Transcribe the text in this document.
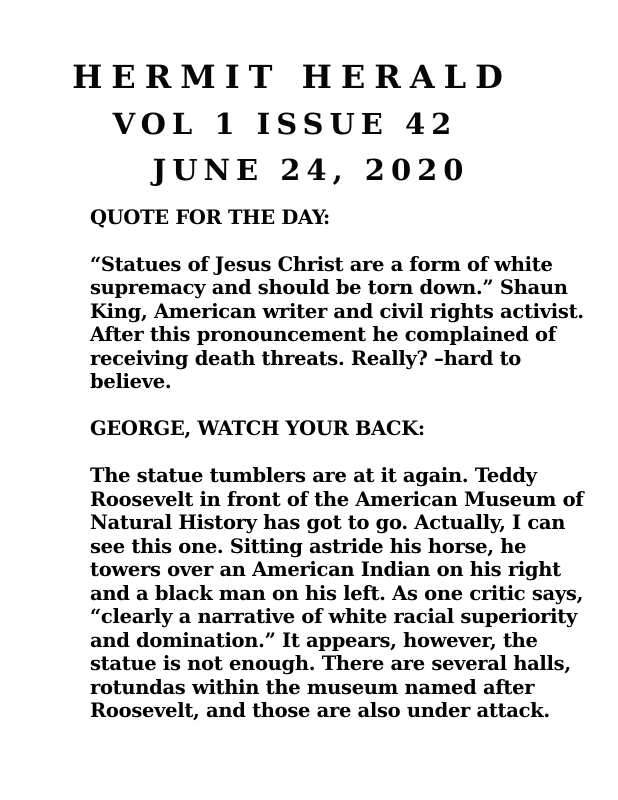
HERMIT HERALD
VOL 1 ISSUE 42
JUNE 24, 2020
QUOTE FOR THE DAY:
“Statues of Jesus Christ are a form of white
supremacy and should be torn down.” Shaun
King, American writer and civil rights activist.
After this pronouncement he complained of
receiving death threats. Really? –hard to
believe.
GEORGE, WATCH YOUR BACK:
The statue tumblers are at it again. Teddy
Roosevelt in front of the American Museum of
Natural History has got to go. Actually, I can
see this one. Sitting astride his horse, he
towers over an American Indian on his right
and a black man on his left. As one critic says,
“clearly a narrative of white racial superiority
and domination.” It appears, however, the
statue is not enough. There are several halls,
rotundas within the museum named after
Roosevelt, and those are also under attack.
